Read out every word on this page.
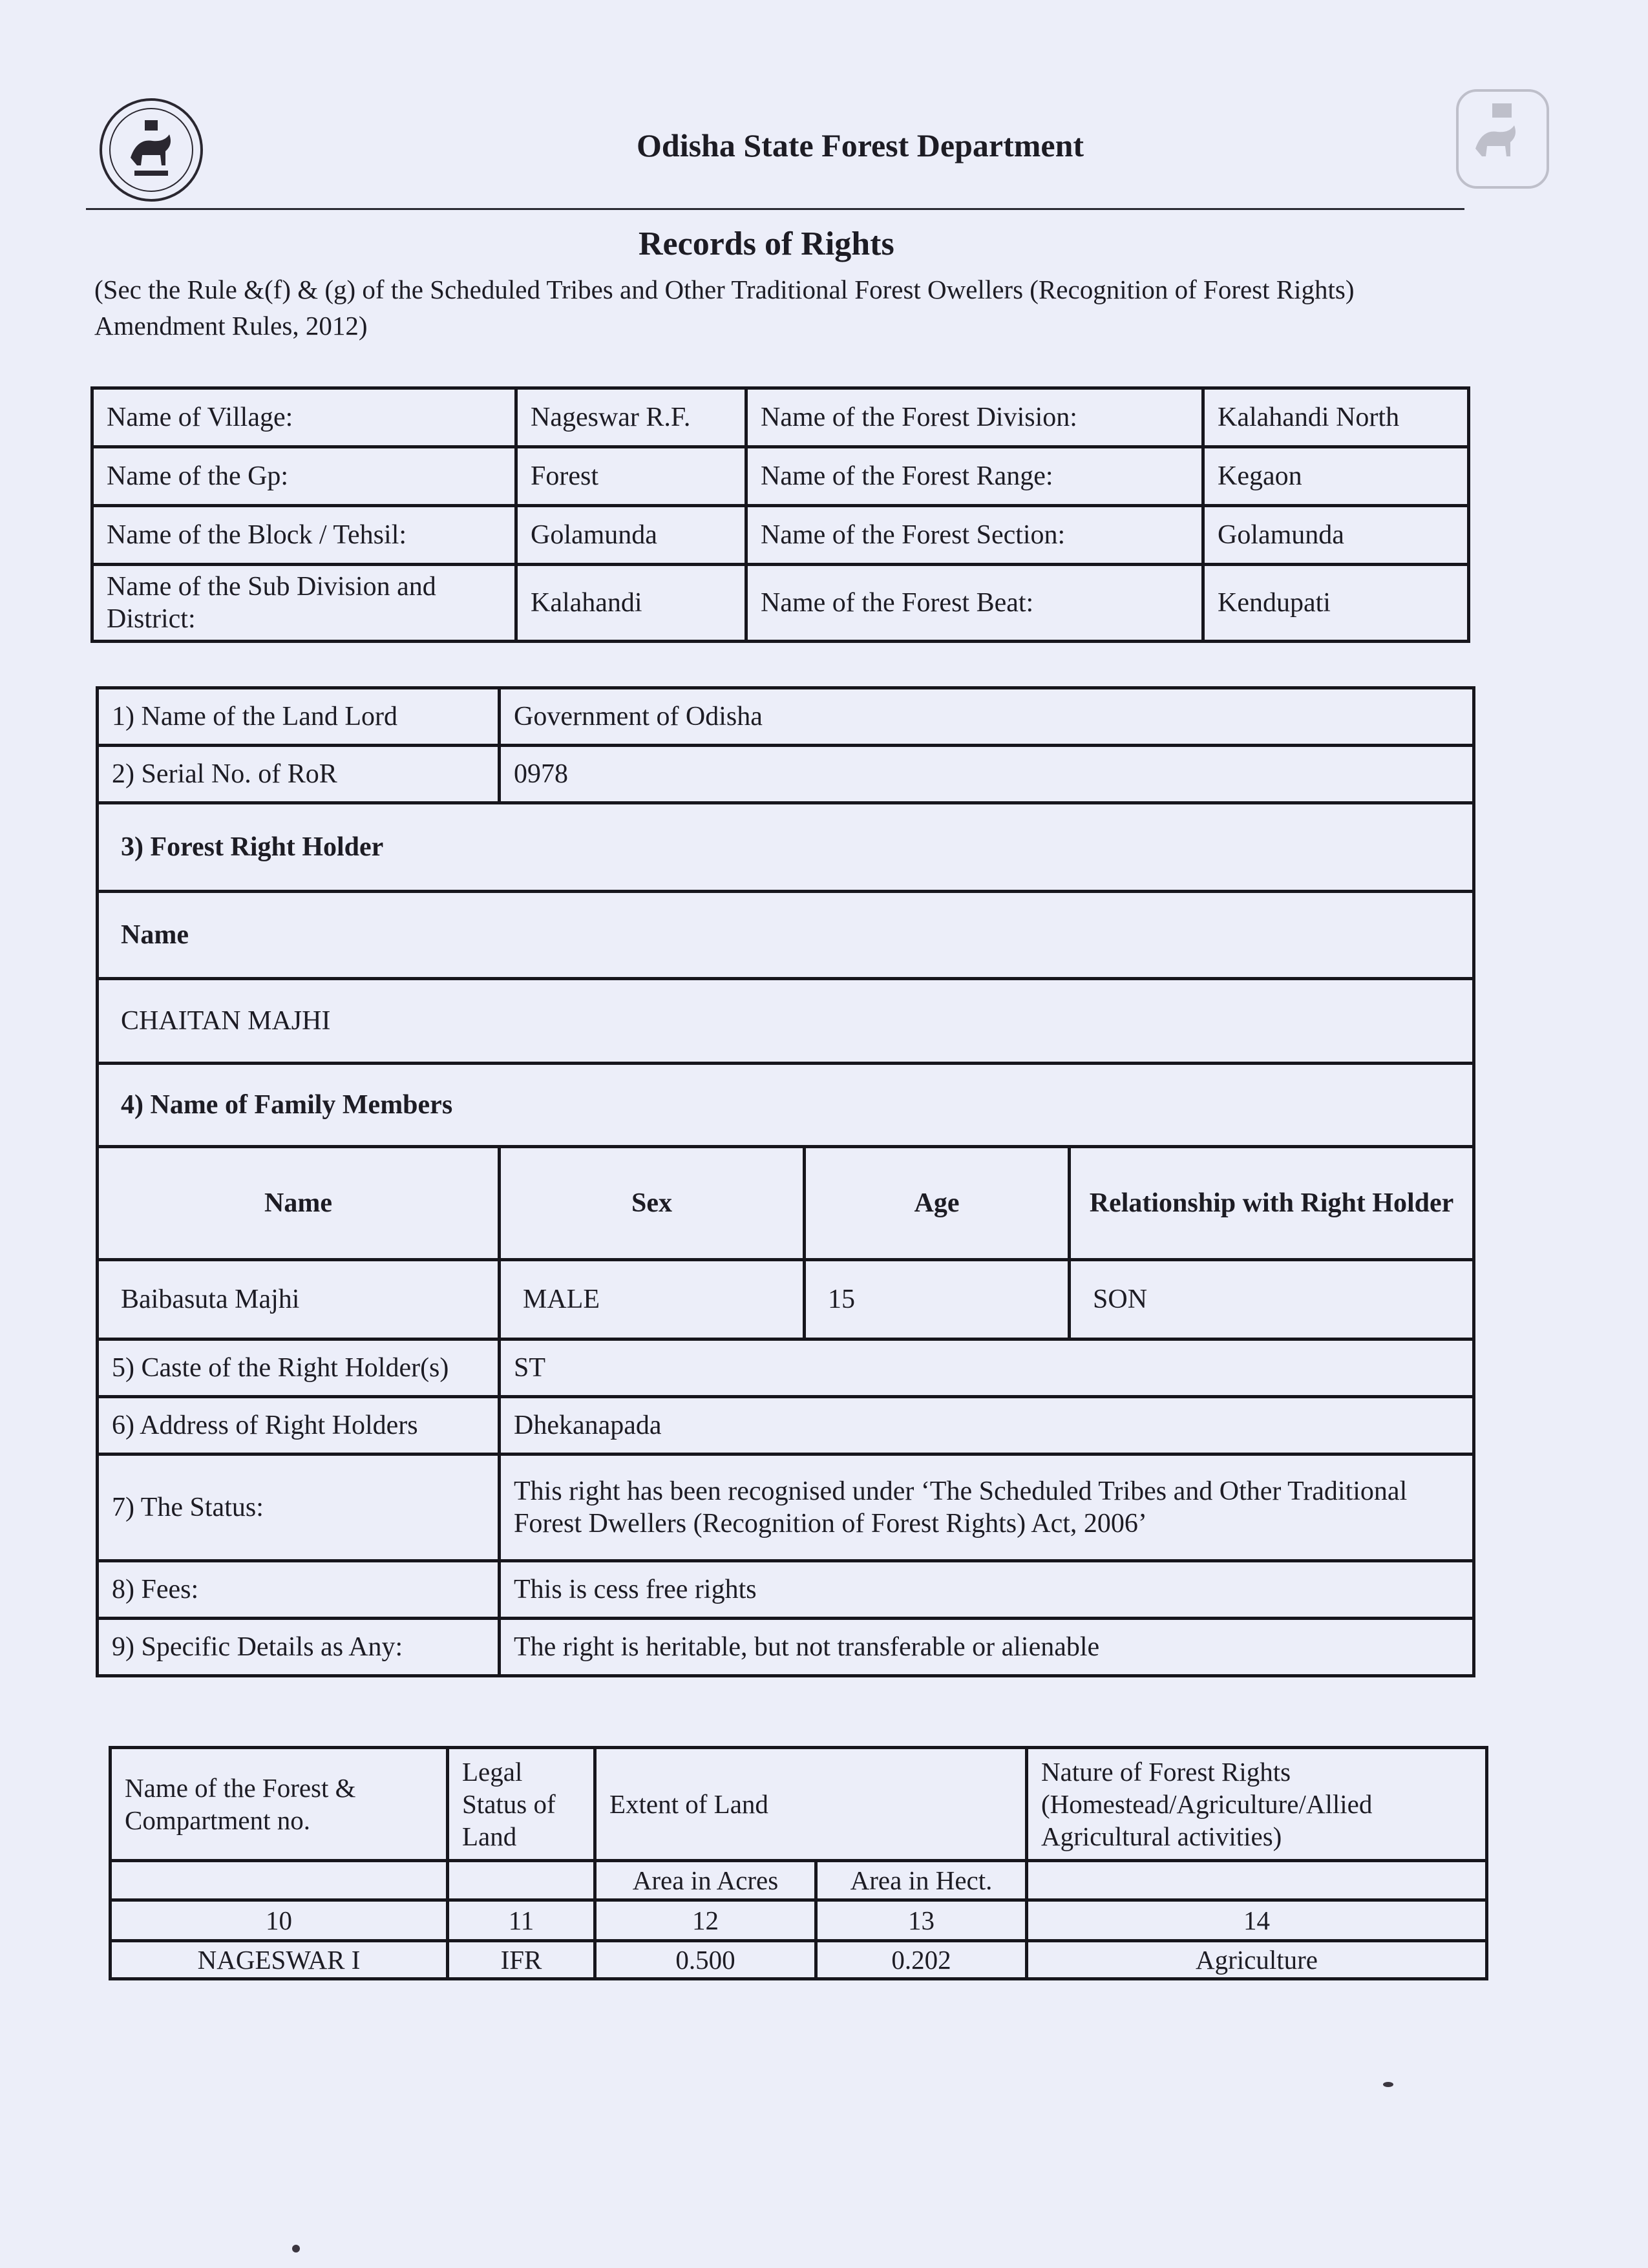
Odisha State Forest Department
Records of Rights
(Sec the Rule &(f) & (g) of the Scheduled Tribes and Other Traditional Forest Owellers (Recognition of Forest Rights) Amendment Rules, 2012)
Name of Village:	Nageswar R.F.	Name of the Forest Division:	Kalahandi North
Name of the Gp:	Forest	Name of the Forest Range:	Kegaon
Name of the Block / Tehsil:	Golamunda	Name of the Forest Section:	Golamunda
Name of the Sub Division and District:	Kalahandi	Name of the Forest Beat:	Kendupati
1) Name of the Land Lord	Government of Odisha		
2) Serial No. of RoR	0978		
3) Forest Right Holder			
Name			
CHAITAN MAJHI			
4) Name of Family Members			
Name	Sex	Age	Relationship with Right Holder
Baibasuta Majhi	MALE	15	SON
5) Caste of the Right Holder(s)	ST		
6) Address of Right Holders	Dhekanapada		
7) The Status:	This right has been recognised under ‘The Scheduled Tribes and Other Traditional
Forest Dwellers (Recognition of Forest Rights) Act, 2006’		

8) Fees:	This is cess free rights		
9) Specific Details as Any:	The right is heritable, but not transferable or alienable		
Name of the Forest & Compartment no.	Legal Status of Land	Extent of Land		Nature of Forest Rights (Homestead/Agriculture/Allied Agricultural activities)
		Area in Acres	Area in Hect.	
10	11	12	13	14
NAGESWAR I	IFR	0.500	0.202	Agriculture
